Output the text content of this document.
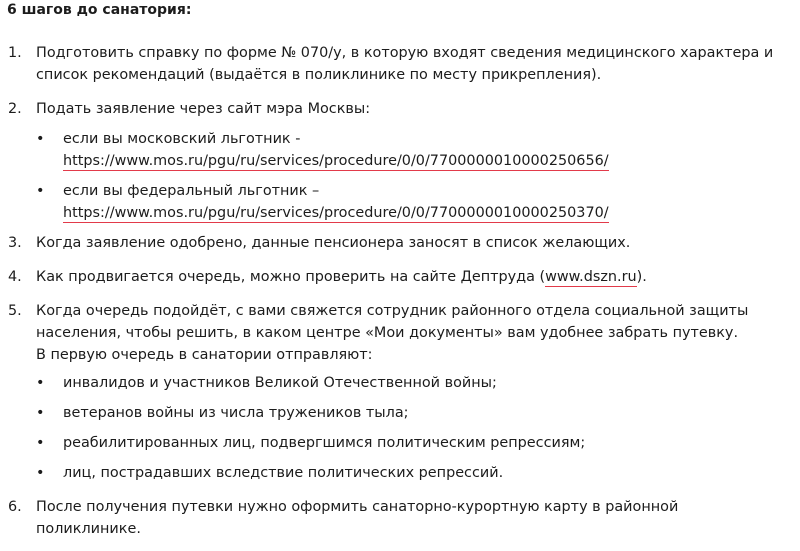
6 шагов до санатория:
1. Подготовить справку по форме № 070/у, в которую входят сведения медицинского характера и
список рекомендаций (выдаётся в поликлинике по месту прикрепления).
2. Подать заявление через сайт мэра Москвы:
• если вы московский льготник -
https://www.mos.ru/pgu/ru/services/procedure/0/0/7700000010000250656/
• если вы федеральный льготник –
https://www.mos.ru/pgu/ru/services/procedure/0/0/7700000010000250370/
3. Когда заявление одобрено, данные пенсионера заносят в список желающих.
4. Как продвигается очередь, можно проверить на сайте Дептруда (www.dszn.ru).
5. Когда очередь подойдёт, с вами свяжется сотрудник районного отдела социальной защиты
населения, чтобы решить, в каком центре «Мои документы» вам удобнее забрать путевку.
В первую очередь в санатории отправляют:
• инвалидов и участников Великой Отечественной войны;
• ветеранов войны из числа тружеников тыла;
• реабилитированных лиц, подвергшимся политическим репрессиям;
• лиц, пострадавших вследствие политических репрессий.
6. После получения путевки нужно оформить санаторно-курортную карту в районной
поликлинике.
